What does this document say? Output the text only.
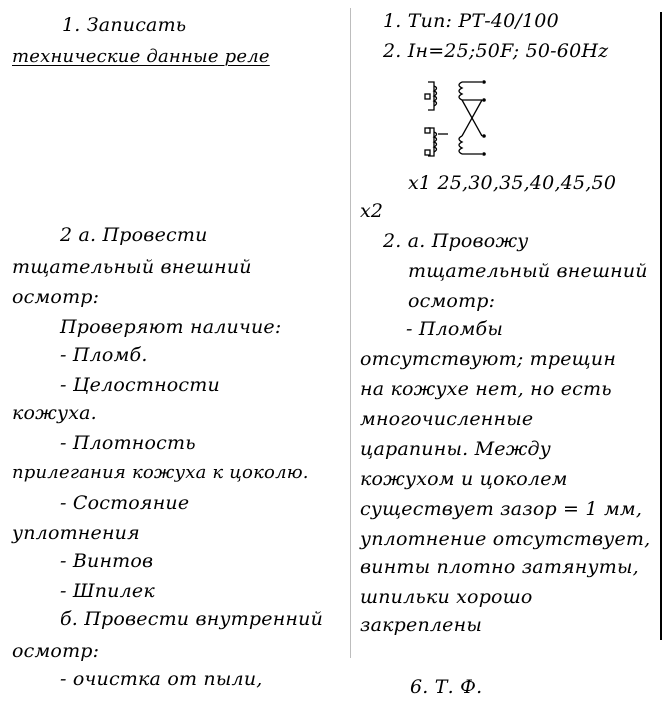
1. Записать
технические данные реле
2 а. Провести
тщательный внешний
осмотр:
Проверяют наличие:
- Пломб.
- Целостности
кожуха.
- Плотность
прилегания кожуха к цоколю.
- Состояние
уплотнения
- Винтов
- Шпилек
б. Провести внутренний
осмотр:
- очистка от пыли,
1. Тип: РТ-40/100
2. Iн=25;50F; 50-60Hz
x1 25,30,35,40,45,50
x2
2. а. Провожу
тщательный внешний
осмотр:
- Пломбы
отсутствуют; трещин
на кожухе нет, но есть
многочисленные
царапины. Между
кожухом и цоколем
существует зазор = 1 мм,
уплотнение отсутствует,
винты плотно затянуты,
шпильки хорошо
закреплены
6. Т. Ф.
